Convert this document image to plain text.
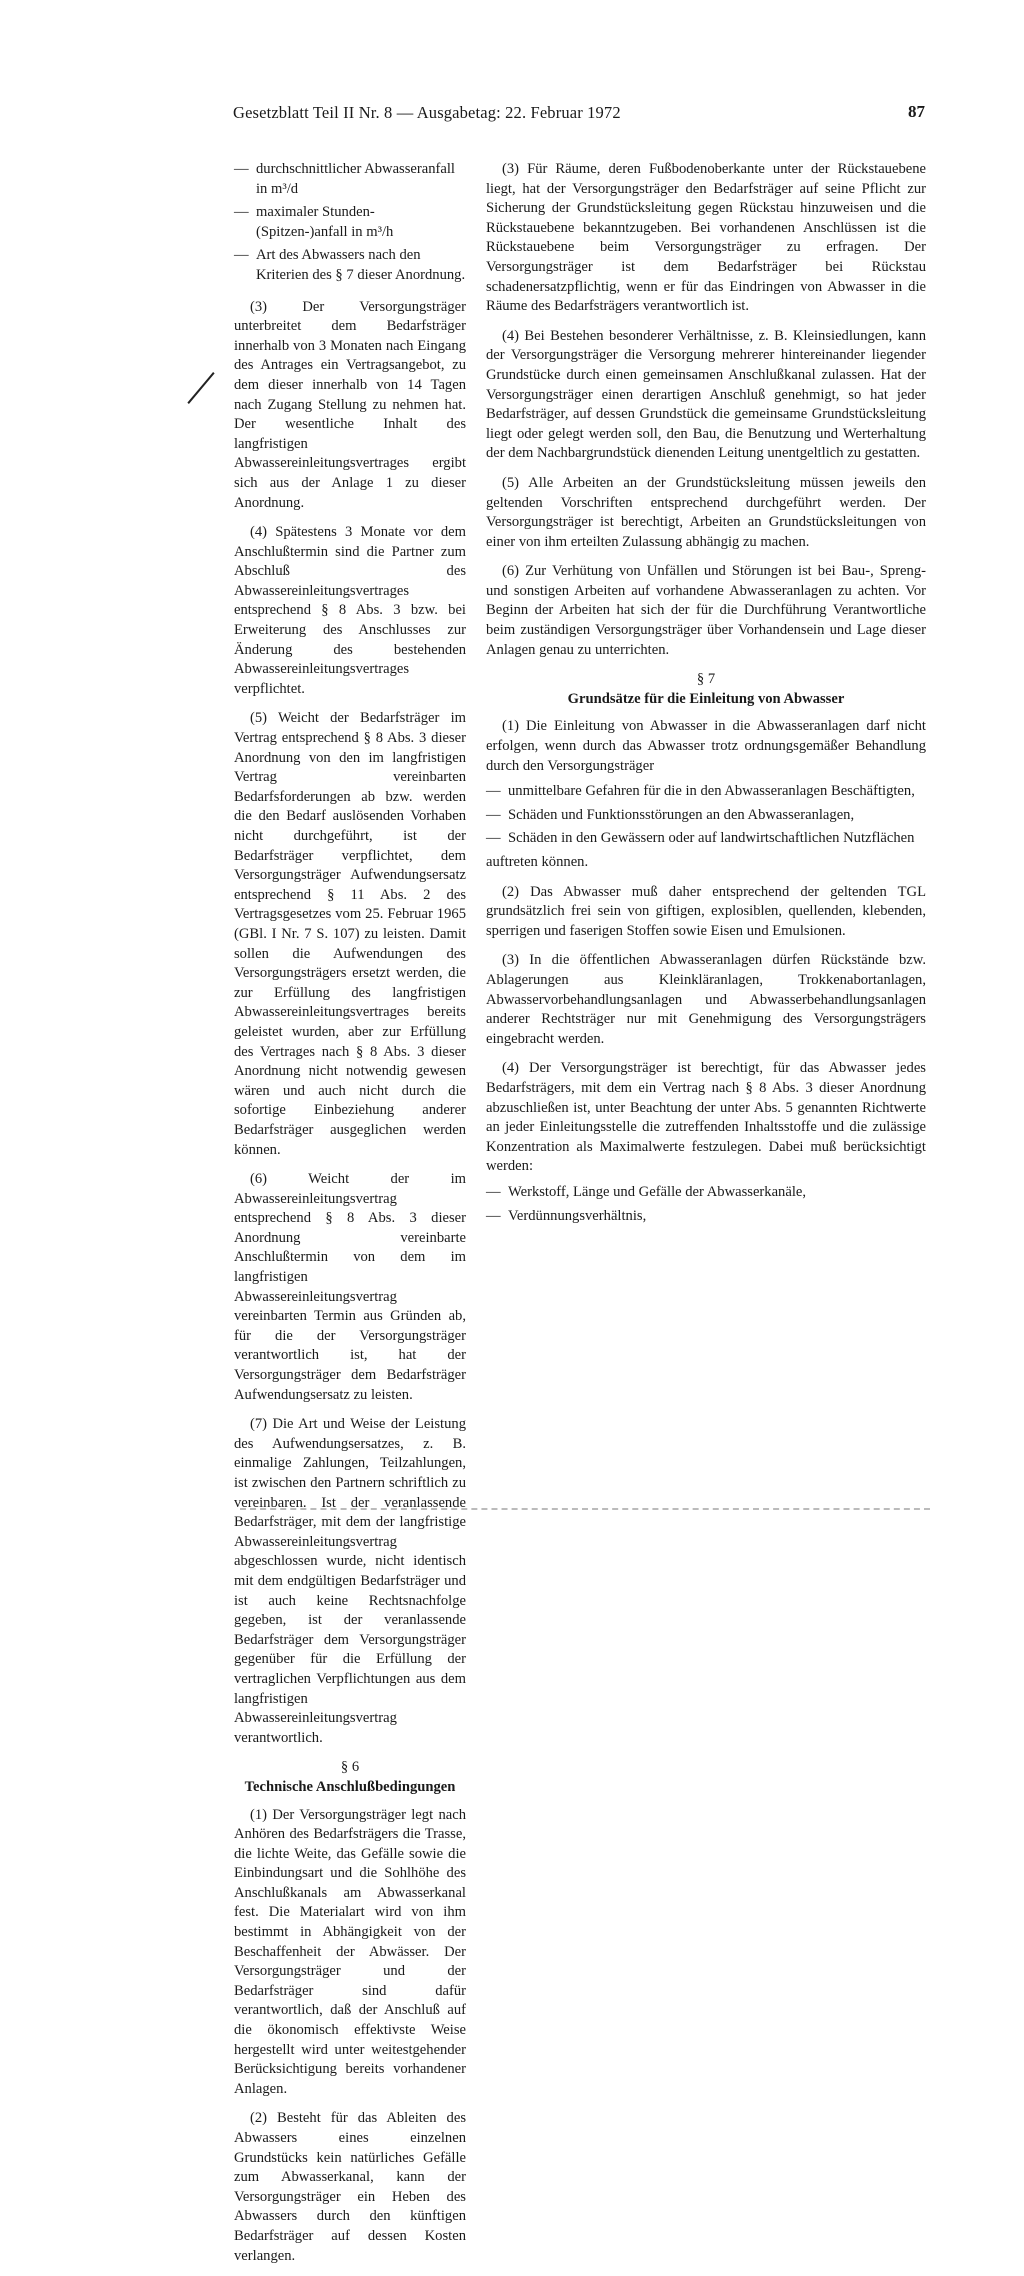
Gesetzblatt Teil II Nr. 8 — Ausgabetag: 22. Februar 1972	87
— durchschnittlicher Abwasseranfall in m³/d
— maximaler Stunden-(Spitzen-)anfall in m³/h
— Art des Abwassers nach den Kriterien des § 7 dieser Anordnung.

(3) Der Versorgungsträger unterbreitet dem Bedarfsträger innerhalb von 3 Monaten nach Eingang des Antrages ein Vertragsangebot, zu dem dieser innerhalb von 14 Tagen nach Zugang Stellung zu nehmen hat. Der wesentliche Inhalt des langfristigen Abwassereinleitungsvertrages ergibt sich aus der Anlage 1 zu dieser Anordnung.

(4) Spätestens 3 Monate vor dem Anschlußtermin sind die Partner zum Abschluß des Abwassereinleitungsvertrages entsprechend § 8 Abs. 3 bzw. bei Erweiterung des Anschlusses zur Änderung des bestehenden Abwassereinleitungsvertrages verpflichtet.

(5) Weicht der Bedarfsträger im Vertrag entsprechend § 8 Abs. 3 dieser Anordnung von den im langfristigen Vertrag vereinbarten Bedarfsforderungen ab bzw. werden die den Bedarf auslösenden Vorhaben nicht durchgeführt, ist der Bedarfsträger verpflichtet, dem Versorgungsträger Aufwendungsersatz entsprechend § 11 Abs. 2 des Vertragsgesetzes vom 25. Februar 1965 (GBl. I Nr. 7 S. 107) zu leisten. Damit sollen die Aufwendungen des Versorgungsträgers ersetzt werden, die zur Erfüllung des langfristigen Abwassereinleitungsvertrages bereits geleistet wurden, aber zur Erfüllung des Vertrages nach § 8 Abs. 3 dieser Anordnung nicht notwendig gewesen wären und auch nicht durch die sofortige Einbeziehung anderer Bedarfsträger ausgeglichen werden können.

(6) Weicht der im Abwassereinleitungsvertrag entsprechend § 8 Abs. 3 dieser Anordnung vereinbarte Anschlußtermin von dem im langfristigen Abwassereinleitungsvertrag vereinbarten Termin aus Gründen ab, für die der Versorgungsträger verantwortlich ist, hat der Versorgungsträger dem Bedarfsträger Aufwendungsersatz zu leisten.

(7) Die Art und Weise der Leistung des Aufwendungsersatzes, z. B. einmalige Zahlungen, Teilzahlungen, ist zwischen den Partnern schriftlich zu vereinbaren. Ist der veranlassende Bedarfsträger, mit dem der langfristige Abwassereinleitungsvertrag abgeschlossen wurde, nicht identisch mit dem endgültigen Bedarfsträger und ist auch keine Rechtsnachfolge gegeben, ist der veranlassende Bedarfsträger dem Versorgungsträger gegenüber für die Erfüllung der vertraglichen Verpflichtungen aus dem langfristigen Abwassereinleitungsvertrag verantwortlich.

§ 6

Technische Anschlußbedingungen

(1) Der Versorgungsträger legt nach Anhören des Bedarfsträgers die Trasse, die lichte Weite, das Gefälle sowie die Einbindungsart und die Sohlhöhe des Anschlußkanals am Abwasserkanal fest. Die Materialart wird von ihm bestimmt in Abhängigkeit von der Beschaffenheit der Abwässer. Der Versorgungsträger und der Bedarfsträger sind dafür verantwortlich, daß der Anschluß auf die ökonomisch effektivste Weise hergestellt wird unter weitestgehender Berücksichtigung bereits vorhandener Anlagen.

(2) Besteht für das Ableiten des Abwassers eines einzelnen Grundstücks kein natürliches Gefälle zum Abwasserkanal, kann der Versorgungsträger ein Heben des Abwassers durch den künftigen Bedarfsträger auf dessen Kosten verlangen.

(3) Für Räume, deren Fußbodenoberkante unter der Rückstauebene liegt, hat der Versorgungsträger den Bedarfsträger auf seine Pflicht zur Sicherung der Grundstücksleitung gegen Rückstau hinzuweisen und die Rückstauebene bekanntzugeben. Bei vorhandenen Anschlüssen ist die Rückstauebene beim Versorgungsträger zu erfragen. Der Versorgungsträger ist dem Bedarfsträger bei Rückstau schadenersatzpflichtig, wenn er für das Eindringen von Abwasser in die Räume des Bedarfsträgers verantwortlich ist.

(4) Bei Bestehen besonderer Verhältnisse, z. B. Kleinsiedlungen, kann der Versorgungsträger die Versorgung mehrerer hintereinander liegender Grundstücke durch einen gemeinsamen Anschlußkanal zulassen. Hat der Versorgungsträger einen derartigen Anschluß genehmigt, so hat jeder Bedarfsträger, auf dessen Grundstück die gemeinsame Grundstücksleitung liegt oder gelegt werden soll, den Bau, die Benutzung und Werterhaltung der dem Nachbargrundstück dienenden Leitung unentgeltlich zu gestatten.

(5) Alle Arbeiten an der Grundstücksleitung müssen jeweils den geltenden Vorschriften entsprechend durchgeführt werden. Der Versorgungsträger ist berechtigt, Arbeiten an Grundstücksleitungen von einer von ihm erteilten Zulassung abhängig zu machen.

(6) Zur Verhütung von Unfällen und Störungen ist bei Bau-, Spreng- und sonstigen Arbeiten auf vorhandene Abwasseranlagen zu achten. Vor Beginn der Arbeiten hat sich der für die Durchführung Verantwortliche beim zuständigen Versorgungsträger über Vorhandensein und Lage dieser Anlagen genau zu unterrichten.

§ 7

Grundsätze für die Einleitung von Abwasser

(1) Die Einleitung von Abwasser in die Abwasseranlagen darf nicht erfolgen, wenn durch das Abwasser trotz ordnungsgemäßer Behandlung durch den Versorgungsträger

— unmittelbare Gefahren für die in den Abwasseranlagen Beschäftigten,
— Schäden und Funktionsstörungen an den Abwasseranlagen,
— Schäden in den Gewässern oder auf landwirtschaftlichen Nutzflächen

auftreten können.

(2) Das Abwasser muß daher entsprechend der geltenden TGL grundsätzlich frei sein von giftigen, explosiblen, quellenden, klebenden, sperrigen und faserigen Stoffen sowie Eisen und Emulsionen.

(3) In die öffentlichen Abwasseranlagen dürfen Rückstände bzw. Ablagerungen aus Kleinkläranlagen, Trokkenabortanlagen, Abwasservorbehandlungsanlagen und Abwasserbehandlungsanlagen anderer Rechtsträger nur mit Genehmigung des Versorgungsträgers eingebracht werden.

(4) Der Versorgungsträger ist berechtigt, für das Abwasser jedes Bedarfsträgers, mit dem ein Vertrag nach § 8 Abs. 3 dieser Anordnung abzuschließen ist, unter Beachtung der unter Abs. 5 genannten Richtwerte an jeder Einleitungsstelle die zutreffenden Inhaltsstoffe und die zulässige Konzentration als Maximalwerte festzulegen. Dabei muß berücksichtigt werden:

— Werkstoff, Länge und Gefälle der Abwasserkanäle,
— Verdünnungsverhältnis,
